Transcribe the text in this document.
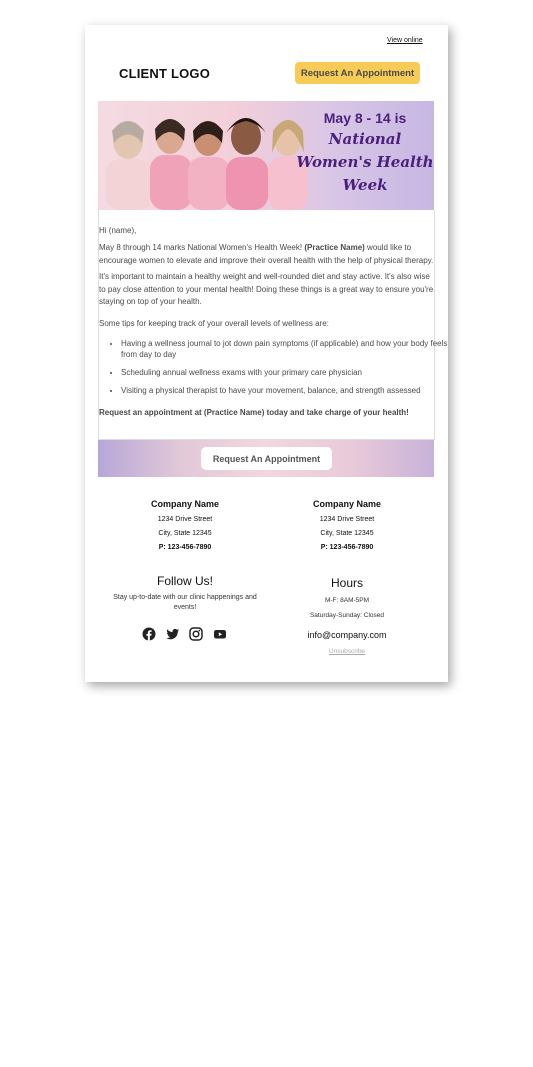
View online
CLIENT LOGO	Request An Appointment
May 8 - 14 is
National
Women's Health
Week
Hi (name),
May 8 through 14 marks National Women's Health Week! (Practice Name) would like to encourage women to elevate and improve their overall health with the help of physical therapy.
It's important to maintain a healthy weight and well-rounded diet and stay active. It's also wise to pay close attention to your mental health! Doing these things is a great way to ensure you're staying on top of your health.
Some tips for keeping track of your overall levels of wellness are:
• Having a wellness journal to jot down pain symptoms (if applicable) and how your body feels from day to day
• Scheduling annual wellness exams with your primary care physician
• Visiting a physical therapist to have your movement, balance, and strength assessed
Request an appointment at (Practice Name) today and take charge of your health!
Request An Appointment
Company Name
1234 Drive Street
City, State 12345
P: 123-456-7890
Company Name
1234 Drive Street
City, State 12345
P: 123-456-7890
Follow Us!
Stay up-to-date with our clinic happenings and events!
Hours
M-F: 8AM-5PM
Saturday-Sunday: Closed
info@company.com
Unsubscribe
